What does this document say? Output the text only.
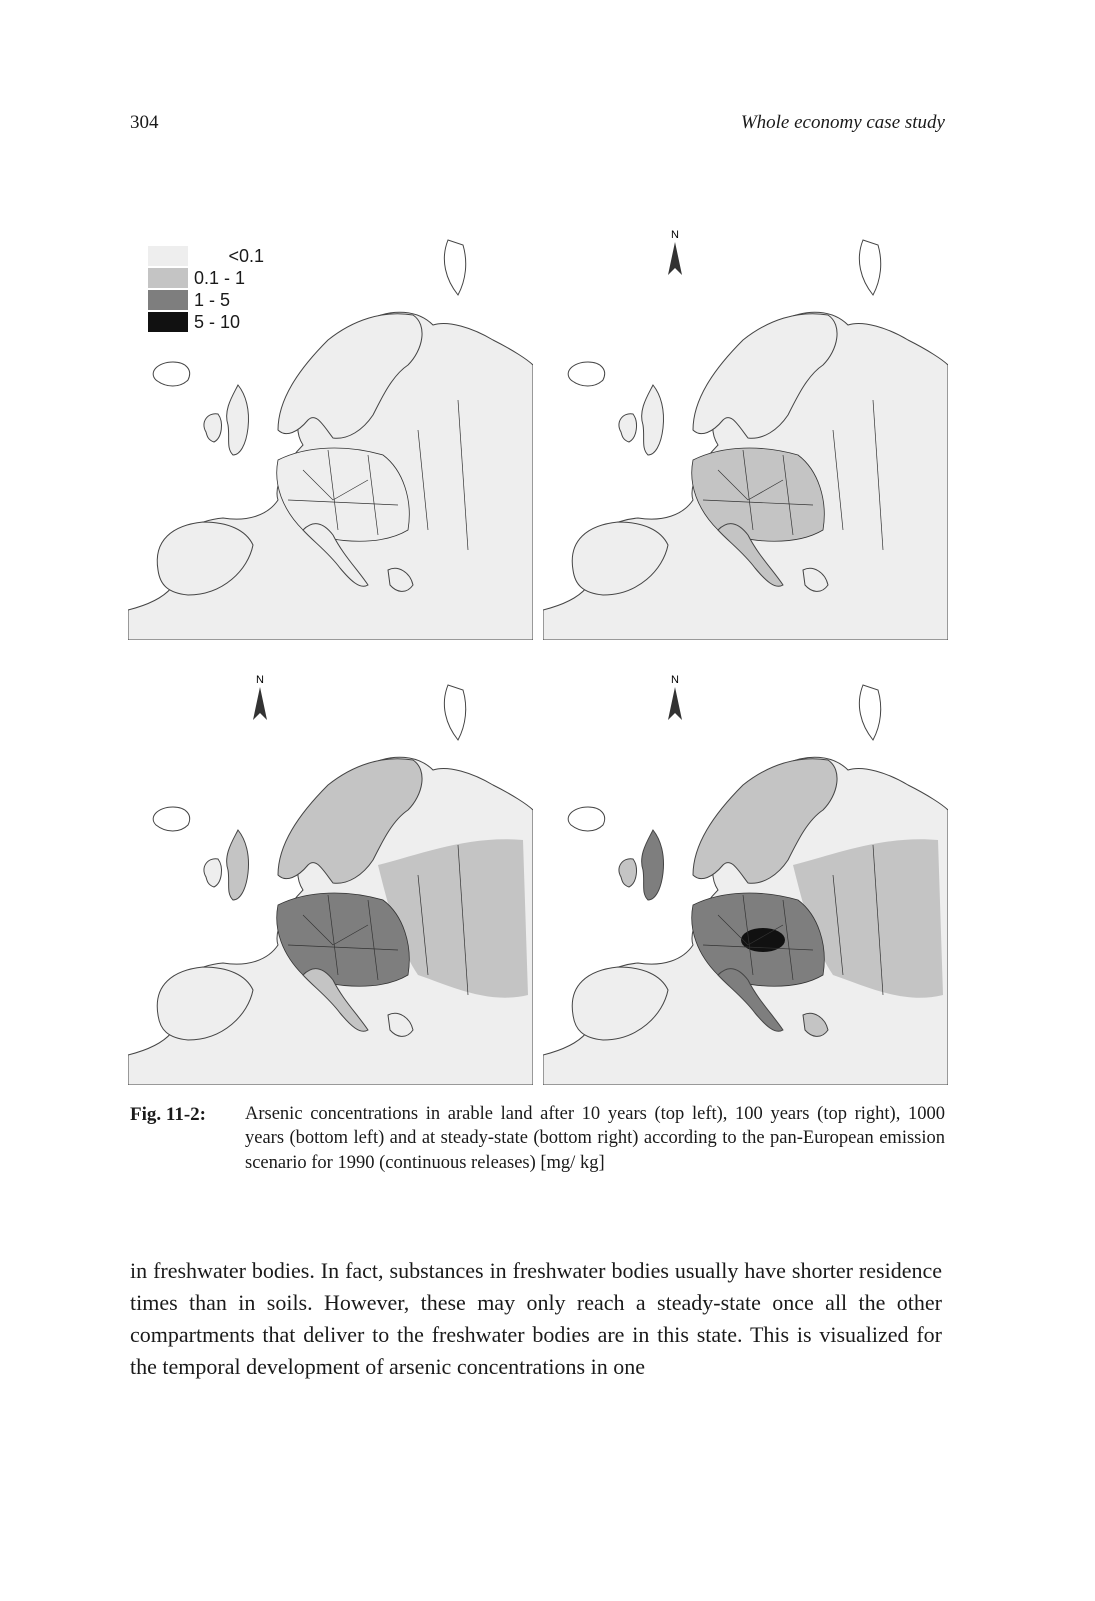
304	Whole economy case study
N
N	N
<0.1
0.1 - 1
1 - 5
5 - 10
Fig. 11-2: Arsenic concentrations in arable land after 10 years (top left), 100 years (top right), 1000 years (bottom left) and at steady-state (bottom right) according to the pan-European emission scenario for 1990 (continuous releases) [mg/ kg]
in freshwater bodies. In fact, substances in freshwater bodies usually have shorter residence times than in soils. However, these may only reach a steady-state once all the other compartments that deliver to the freshwater bodies are in this state. This is visualized for the temporal development of arsenic concentrations in one
